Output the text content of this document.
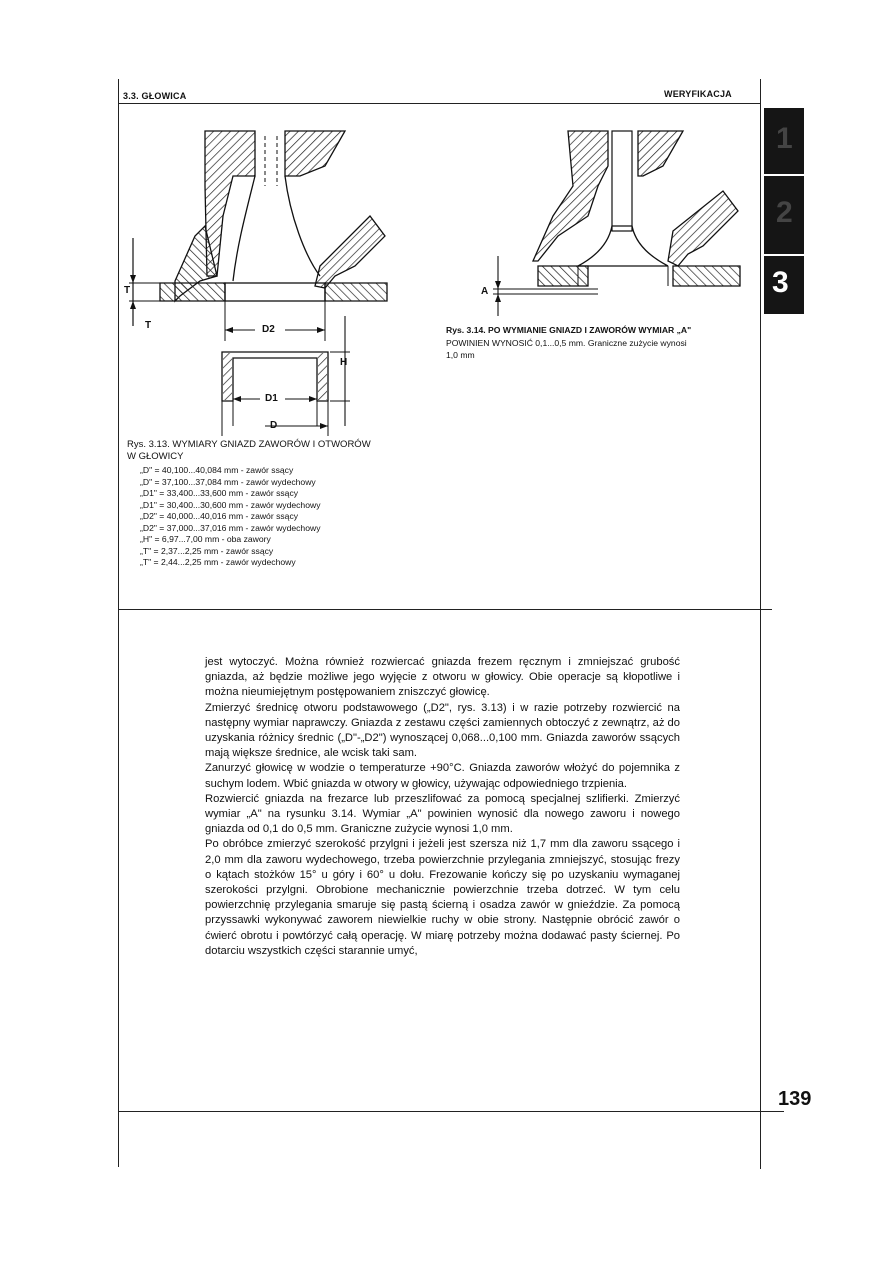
3.3. GŁOWICA	WERYFIKACJA
1
2
3
T
T	D2
H
D1
D
Rys. 3.13. WYMIARY GNIAZD ZAWORÓW I OTWORÓW
W GŁOWICY
„D" = 40,100...40,084 mm - zawór ssący
„D" = 37,100...37,084 mm - zawór wydechowy
„D1" = 33,400...33,600 mm - zawór ssący
„D1" = 30,400...30,600 mm - zawór wydechowy
„D2" = 40,000...40,016 mm - zawór ssący
„D2" = 37,000...37,016 mm - zawór wydechowy
„H" = 6,97...7,00 mm - oba zawory
„T" = 2,37...2,25 mm - zawór ssący
„T" = 2,44...2,25 mm - zawór wydechowy
A
Rys. 3.14. PO WYMIANIE GNIAZD I ZAWORÓW WYMIAR „A"
POWINIEN WYNOSIĆ 0,1...0,5 mm. Graniczne zużycie wynosi
1,0 mm

jest wytoczyć. Można również rozwiercać gniazda frezem ręcznym i zmniejszać grubość gniazda, aż będzie możliwe jego wyjęcie z otworu w głowicy. Obie operacje są kłopotliwe i można nieumiejętnym postępowaniem zniszczyć głowicę.

Zmierzyć średnicę otworu podstawowego („D2", rys. 3.13) i w razie potrzeby rozwiercić na następny wymiar naprawczy. Gniazda z zestawu części zamiennych obtoczyć z zewnątrz, aż do uzyskania różnicy średnic („D"-„D2") wynoszącej 0,068...0,100 mm. Gniazda zaworów ssących mają większe średnice, ale wcisk taki sam.

Zanurzyć głowicę w wodzie o temperaturze +90°C. Gniazda zaworów włożyć do pojemnika z suchym lodem. Wbić gniazda w otwory w głowicy, używając odpowiedniego trzpienia.

Rozwiercić gniazda na frezarce lub przeszlifować za pomocą specjalnej szlifierki. Zmierzyć wymiar „A" na rysunku 3.14. Wymiar „A" powinien wynosić dla nowego zaworu i nowego gniazda od 0,1 do 0,5 mm. Graniczne zużycie wynosi 1,0 mm.

Po obróbce zmierzyć szerokość przylgni i jeżeli jest szersza niż 1,7 mm dla zaworu ssącego i 2,0 mm dla zaworu wydechowego, trzeba powierzchnie przylegania zmniejszyć, stosując frezy o kątach stożków 15° u góry i 60° u dołu. Frezowanie kończy się po uzyskaniu wymaganej szerokości przylgni. Obrobione mechanicznie powierzchnie trzeba dotrzeć. W tym celu powierzchnię przylegania smaruje się pastą ścierną i osadza zawór w gnieździe. Za pomocą przyssawki wykonywać zaworem niewielkie ruchy w obie strony. Następnie obrócić zawór o ćwierć obrotu i powtórzyć całą operację. W miarę potrzeby można dodawać pasty ściernej. Po dotarciu wszystkich części starannie umyć,

139
